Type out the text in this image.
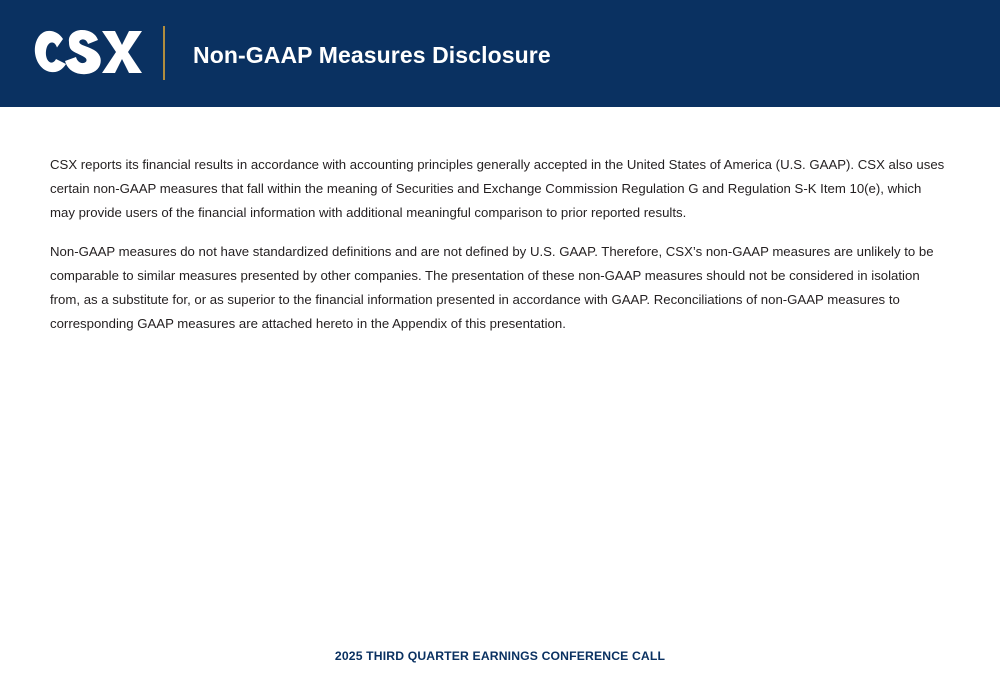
Non-GAAP Measures Disclosure

CSX reports its financial results in accordance with accounting principles generally accepted in the United States of America (U.S. GAAP). CSX also uses certain non-GAAP measures that fall within the meaning of Securities and Exchange Commission Regulation G and Regulation S-K Item 10(e), which may provide users of the financial information with additional meaningful comparison to prior reported results.

Non-GAAP measures do not have standardized definitions and are not defined by U.S. GAAP. Therefore, CSX’s non-GAAP measures are unlikely to be comparable to similar measures presented by other companies. The presentation of these non-GAAP measures should not be considered in isolation from, as a substitute for, or as superior to the financial information presented in accordance with GAAP. Reconciliations of non-GAAP measures to corresponding GAAP measures are attached hereto in the Appendix of this presentation.

2025 THIRD QUARTER EARNINGS CONFERENCE CALL
